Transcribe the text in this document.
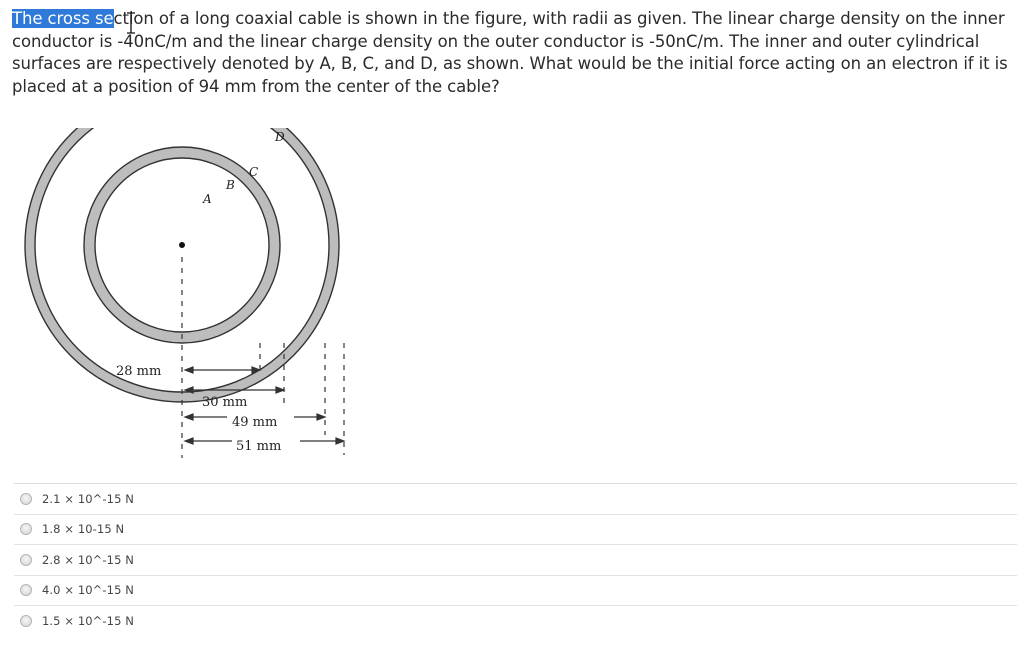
The cross section of a long coaxial cable is shown in the figure, with radii as given. The linear charge density on the inner conductor is -40nC/m and the linear charge density on the outer conductor is -50nC/m. The inner and outer cylindrical surfaces are respectively denoted by A, B, C, and D, as shown. What would be the initial force acting on an electron if it is placed at a position of 94 mm from the center of the cable?

28 mm
30 mm
49 mm
51 mm
A
B
C
D
2.1 × 10^-15 N
1.8 × 10-15 N
2.8 × 10^-15 N
4.0 × 10^-15 N
1.5 × 10^-15 N
